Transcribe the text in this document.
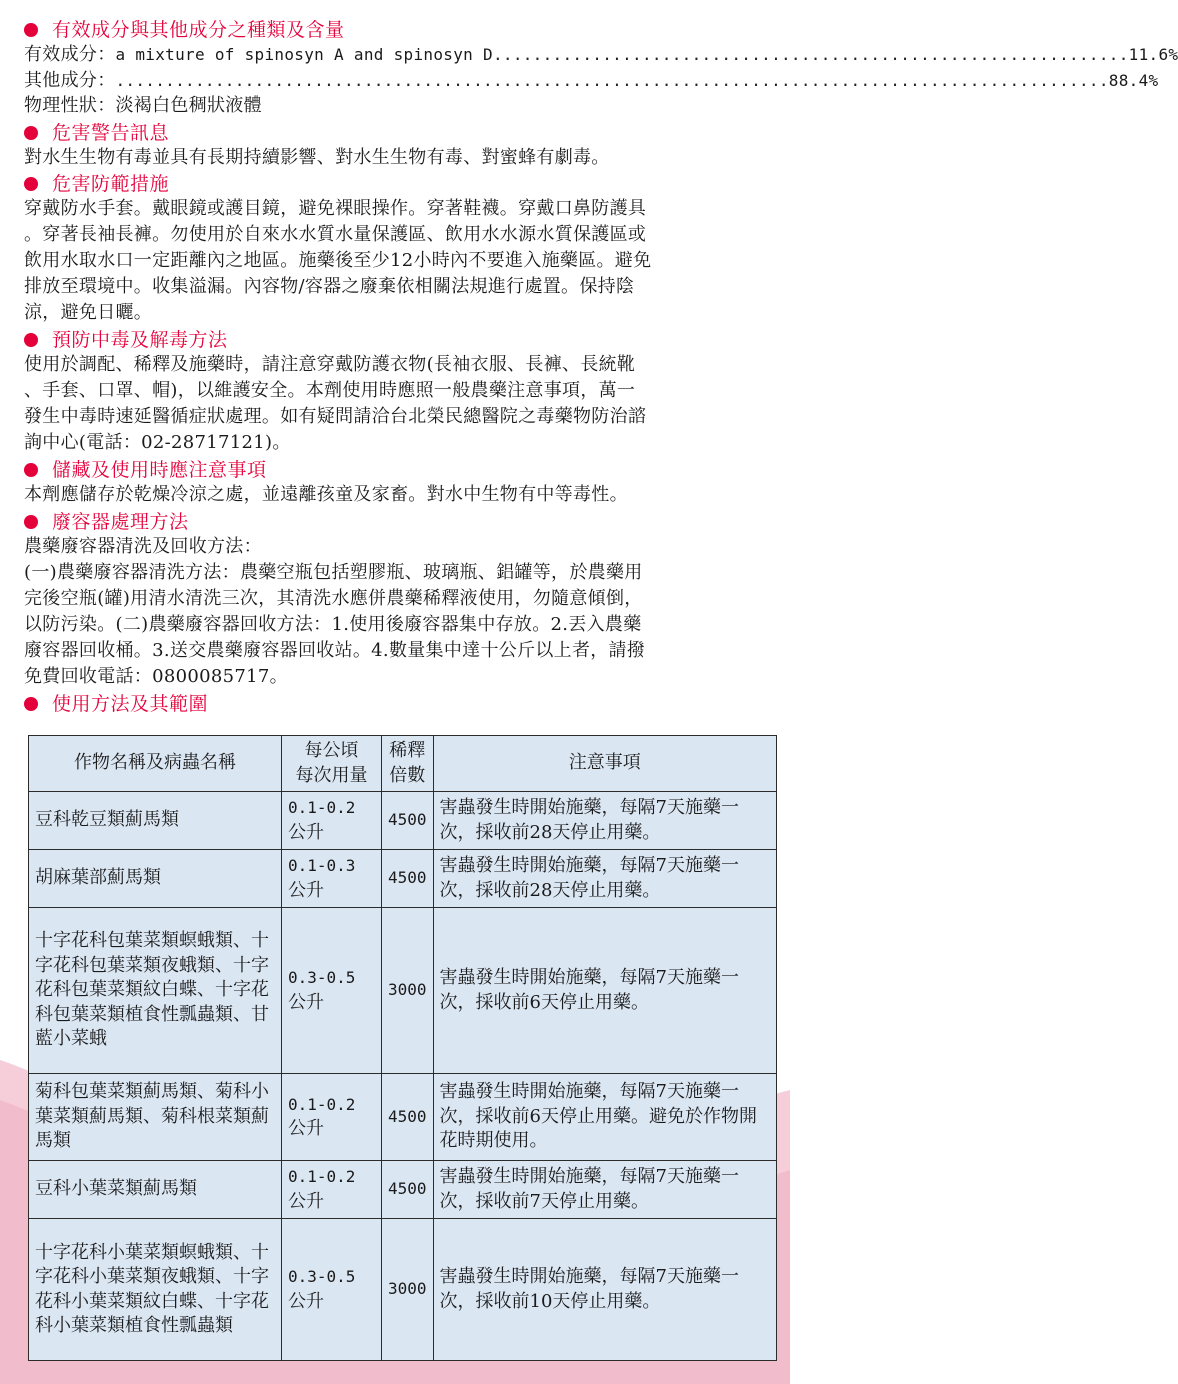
有效成分與其他成分之種類及含量
有效成分： a mixture of spinosyn A and spinosyn D ................................................................ 11.6%
其他成分： .................................................................................................... 88.4%
物理性狀：淡褐白色稠狀液體
危害警告訊息
對水生生物有毒並具有長期持續影響、對水生生物有毒、對蜜蜂有劇毒。
危害防範措施
穿戴防水手套。戴眼鏡或護目鏡，避免裸眼操作。穿著鞋襪。穿戴口鼻防護具
。穿著長袖長褲。勿使用於自來水水質水量保護區、飲用水水源水質保護區或
飲用水取水口一定距離內之地區。施藥後至少12小時內不要進入施藥區。避免
排放至環境中。收集溢漏。內容物/容器之廢棄依相關法規進行處置。保持陰
涼，避免日曬。
預防中毒及解毒方法
使用於調配、稀釋及施藥時，請注意穿戴防護衣物(長袖衣服、長褲、長統靴
、手套、口罩、帽)，以維護安全。本劑使用時應照一般農藥注意事項，萬一
發生中毒時速延醫循症狀處理。如有疑問請洽台北榮民總醫院之毒藥物防治諮
詢中心(電話：02-28717121)。
儲藏及使用時應注意事項
本劑應儲存於乾燥冷涼之處，並遠離孩童及家畜。對水中生物有中等毒性。
廢容器處理方法
農藥廢容器清洗及回收方法：
(一)農藥廢容器清洗方法：農藥空瓶包括塑膠瓶、玻璃瓶、鋁罐等，於農藥用
完後空瓶(罐)用清水清洗三次，其清洗水應併農藥稀釋液使用，勿隨意傾倒，
以防污染。(二)農藥廢容器回收方法：1.使用後廢容器集中存放。2.丟入農藥
廢容器回收桶。3.送交農藥廢容器回收站。4.數量集中達十公斤以上者，請撥
免費回收電話：0800085717。
使用方法及其範圍
作物名稱及病蟲名稱	每公頃
每次用量	稀釋
倍數	注意事項
豆科乾豆類薊馬類	0.1-0.2
公升	4500	害蟲發生時開始施藥，每隔7天施藥一次，採收前28天停止用藥。
胡麻葉部薊馬類	0.1-0.3
公升	4500	害蟲發生時開始施藥，每隔7天施藥一次，採收前28天停止用藥。
十字花科包葉菜類螟蛾類、十字花科包葉菜類夜蛾類、十字花科包葉菜類紋白蝶、十字花科包葉菜類植食性瓢蟲類、甘藍小菜蛾	0.3-0.5
公升	3000	害蟲發生時開始施藥，每隔7天施藥一次，採收前6天停止用藥。
菊科包葉菜類薊馬類、菊科小葉菜類薊馬類、菊科根菜類薊馬類	0.1-0.2
公升	4500	害蟲發生時開始施藥，每隔7天施藥一次，採收前6天停止用藥。避免於作物開花時期使用。
豆科小葉菜類薊馬類	0.1-0.2
公升	4500	害蟲發生時開始施藥，每隔7天施藥一次，採收前7天停止用藥。
十字花科小葉菜類螟蛾類、十字花科小葉菜類夜蛾類、十字花科小葉菜類紋白蝶、十字花科小葉菜類植食性瓢蟲類	0.3-0.5
公升	3000	害蟲發生時開始施藥，每隔7天施藥一次，採收前10天停止用藥。
